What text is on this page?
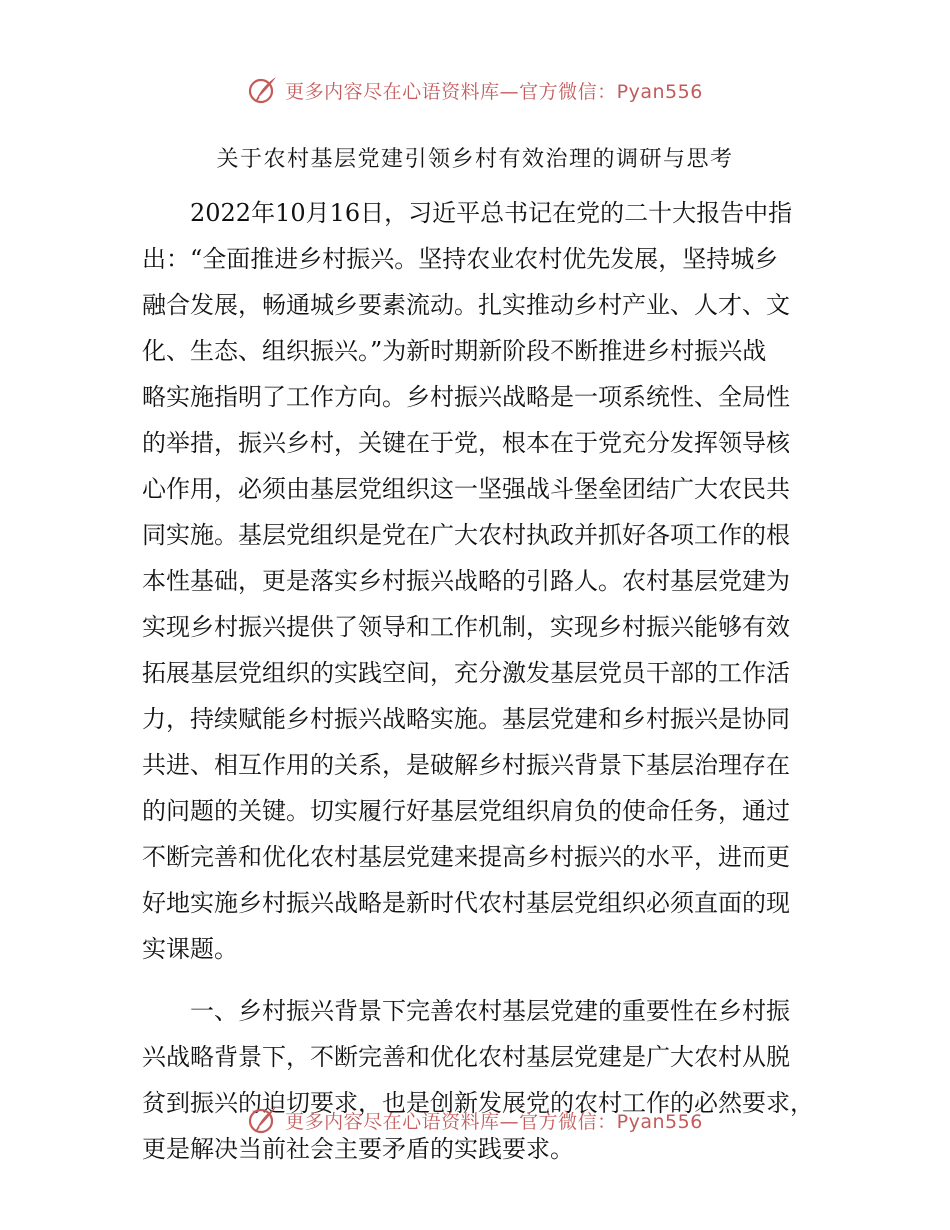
更多内容尽在心语资料库—官方微信：Pyan556
关于农村基层党建引领乡村有效治理的调研与思考
　　2022年10月16日，习近平总书记在党的二十大报告中指
出：“全面推进乡村振兴。坚持农业农村优先发展，坚持城乡
融合发展，畅通城乡要素流动。扎实推动乡村产业、人才、文
化、生态、组织振兴。”为新时期新阶段不断推进乡村振兴战
略实施指明了工作方向。乡村振兴战略是一项系统性、全局性
的举措，振兴乡村，关键在于党，根本在于党充分发挥领导核
心作用，必须由基层党组织这一坚强战斗堡垒团结广大农民共
同实施。基层党组织是党在广大农村执政并抓好各项工作的根
本性基础，更是落实乡村振兴战略的引路人。农村基层党建为
实现乡村振兴提供了领导和工作机制，实现乡村振兴能够有效
拓展基层党组织的实践空间，充分激发基层党员干部的工作活
力，持续赋能乡村振兴战略实施。基层党建和乡村振兴是协同
共进、相互作用的关系，是破解乡村振兴背景下基层治理存在
的问题的关键。切实履行好基层党组织肩负的使命任务，通过
不断完善和优化农村基层党建来提高乡村振兴的水平，进而更
好地实施乡村振兴战略是新时代农村基层党组织必须直面的现
实课题。
　　一、乡村振兴背景下完善农村基层党建的重要性在乡村振
兴战略背景下，不断完善和优化农村基层党建是广大农村从脱
贫到振兴的迫切要求，也是创新发展党的农村工作的必然要求，
更是解决当前社会主要矛盾的实践要求。
更多内容尽在心语资料库—官方微信：Pyan556
